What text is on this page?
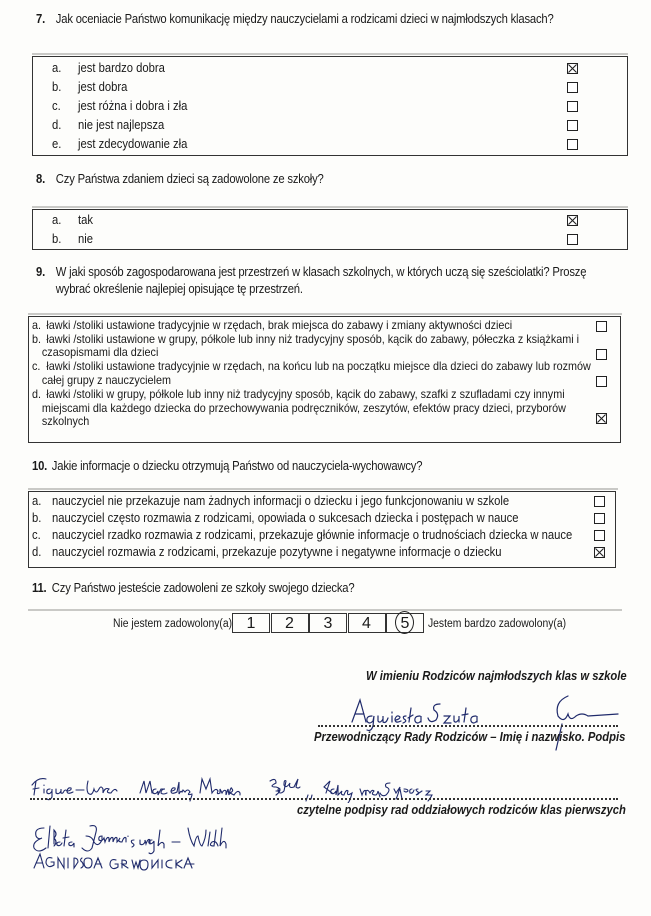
7. Jak oceniacie Państwo komunikację między nauczycielami a rodzicami dzieci w najmłodszych klasach?
a. jest bardzo dobra
b. jest dobra
c. jest różna i dobra i zła
d. nie jest najlepsza
e. jest zdecydowanie zła
8. Czy Państwa zdaniem dzieci są zadowolone ze szkoły?
a. tak
b. nie
9. W jaki sposób zagospodarowana jest przestrzeń w klasach szkolnych, w których uczą się sześciolatki? Proszę
wybrać określenie najlepiej opisujące tę przestrzeń.
a. ławki /stoliki ustawione tradycyjnie w rzędach, brak miejsca do zabawy i zmiany aktywności dzieci
b. ławki /stoliki ustawione w grupy, półkole lub inny niż tradycyjny sposób, kącik do zabawy, półeczka z książkami i
czasopismami dla dzieci
c. ławki /stoliki ustawione tradycyjnie w rzędach, na końcu lub na początku miejsce dla dzieci do zabawy lub rozmów
całej grupy z nauczycielem
d. ławki /stoliki w grupy, półkole lub inny niż tradycyjny sposób, kącik do zabawy, szafki z szufladami czy innymi
miejscami dla każdego dziecka do przechowywania podręczników, zeszytów, efektów pracy dzieci, przyborów
szkolnych
10. Jakie informacje o dziecku otrzymują Państwo od nauczyciela-wychowawcy?
a. nauczyciel nie przekazuje nam żadnych informacji o dziecku i jego funkcjonowaniu w szkole
b. nauczyciel często rozmawia z rodzicami, opowiada o sukcesach dziecka i postępach w nauce
c. nauczyciel rzadko rozmawia z rodzicami, przekazuje głównie informacje o trudnościach dziecka w nauce
d. nauczyciel rozmawia z rodzicami, przekazuje pozytywne i negatywne informacje o dziecku
11. Czy Państwo jesteście zadowoleni ze szkoły swojego dziecka?
Nie jestem zadowolony(a) 1	2	3	4	5	Jestem bardzo zadowolony(a)
W imieniu Rodziców najmłodszych klas w szkole
Przewodniczący Rady Rodziców – Imię i nazwisko. Podpis
czytelne podpisy rad oddziałowych rodziców klas pierwszych
